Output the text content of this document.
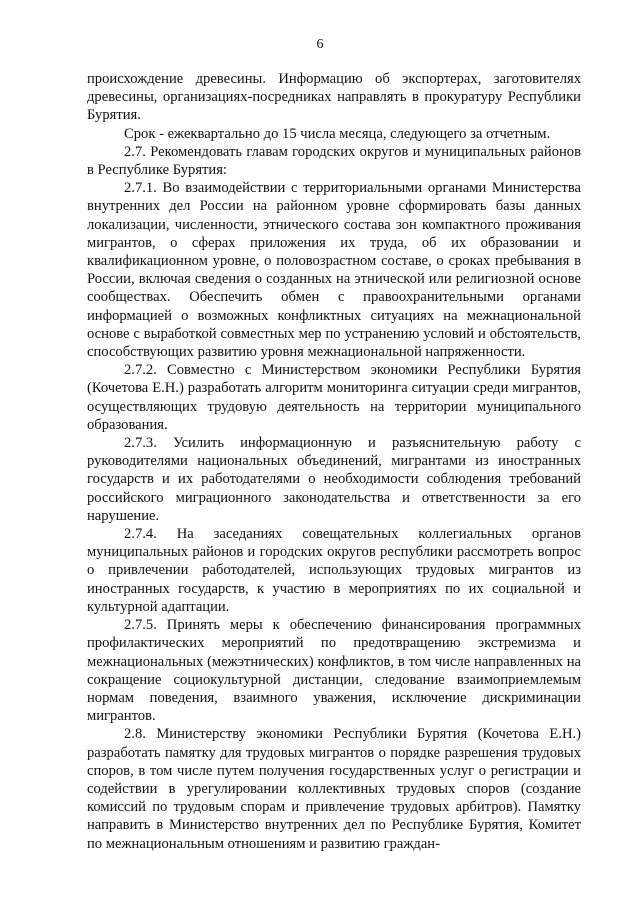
6

происхождение древесины. Информацию об экспортерах, заготовителях древесины, организациях-посредниках направлять в прокуратуру Республики Бурятия.

Срок - ежеквартально до 15 числа месяца, следующего за отчетным.

2.7. Рекомендовать главам городских округов и муниципальных районов в Республике Бурятия:

2.7.1. Во взаимодействии с территориальными органами Министерства внутренних дел России на районном уровне сформировать базы данных локализации, численности, этнического состава зон компактного проживания мигрантов, о сферах приложения их труда, об их образовании и квалификационном уровне, о половозрастном составе, о сроках пребывания в России, включая сведения о созданных на этнической или религиозной основе сообществах. Обеспечить обмен с правоохранительными органами информацией о возможных конфликтных ситуациях на межнациональной основе с выработкой совместных мер по устранению условий и обстоятельств, способствующих развитию уровня межнациональной напряженности.

2.7.2. Совместно с Министерством экономики Республики Бурятия (Кочетова Е.Н.) разработать алгоритм мониторинга ситуации среди мигрантов, осуществляющих трудовую деятельность на территории муниципального образования.

2.7.3. Усилить информационную и разъяснительную работу с руководителями национальных объединений, мигрантами из иностранных государств и их работодателями о необходимости соблюдения требований российского миграционного законодательства и ответственности за его нарушение.

2.7.4. На заседаниях совещательных коллегиальных органов муниципальных районов и городских округов республики рассмотреть вопрос о привлечении работодателей, использующих трудовых мигрантов из иностранных государств, к участию в мероприятиях по их социальной и культурной адаптации.

2.7.5. Принять меры к обеспечению финансирования программных профилактических мероприятий по предотвращению экстремизма и межнациональных (межэтнических) конфликтов, в том числе направленных на сокращение социокультурной дистанции, следование взаимоприемлемым нормам поведения, взаимного уважения, исключение дискриминации мигрантов.

2.8. Министерству экономики Республики Бурятия (Кочетова Е.Н.) разработать памятку для трудовых мигрантов о порядке разрешения трудовых споров, в том числе путем получения государственных услуг о регистрации и содействии в урегулировании коллективных трудовых споров (создание комиссий по трудовым спорам и привлечение трудовых арбитров). Памятку направить в Министерство внутренних дел по Республике Бурятия, Комитет по межнациональным отношениям и развитию граждан-
